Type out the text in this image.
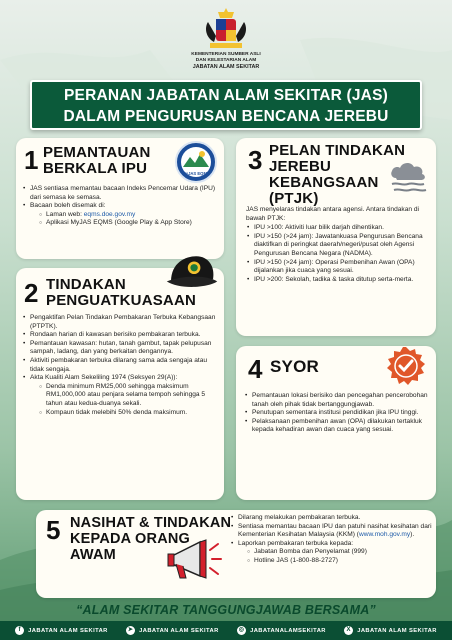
KEMENTERIAN SUMBER ASLI
DAN KELESTARIAN ALAM
JABATAN ALAM SEKITAR
PERANAN JABATAN ALAM SEKITAR (JAS)
DALAM PENGURUSAN BENCANA JEREBU
1 PEMANTAUAN
BERKALA IPU	MyJAS EQMS
• JAS sentiasa memantau bacaan Indeks Pencemar Udara (IPU) dari semasa ke semasa.
• Bacaan boleh disemak di:
○ Laman web: eqms.doe.gov.my
○ Aplikasi MyJAS EQMS (Google Play & App Store)
3 PELAN TINDAKAN
JEREBU
KEBANGSAAN
(PTJK)
JAS menyelaras tindakan antara agensi. Antara tindakan di bawah PTJK:
• IPU >100: Aktiviti luar bilik darjah dihentikan.
• IPU >150 (>24 jam): Jawatankuasa Pengurusan Bencana diaktifkan di peringkat daerah/negeri/pusat oleh Agensi Pengurusan Bencana Negara (NADMA).
• IPU >150 (>24 jam): Operasi Pembenihan Awan (OPA) dijalankan jika cuaca yang sesuai.
• IPU >200: Sekolah, tadika & taska ditutup serta-merta.
2 TINDAKAN
PENGUATKUASAAN
• Pengaktifan Pelan Tindakan Pembakaran Terbuka Kebangsaan (PTPTK).
• Rondaan harian di kawasan berisiko pembakaran terbuka.
• Pemantauan kawasan: hutan, tanah gambut, tapak pelupusan sampah, ladang, dan yang berkaitan dengannya.
• Aktiviti pembakaran terbuka dilarang sama ada sengaja atau tidak sengaja.
• Akta Kualiti Alam Sekeliling 1974 (Seksyen 29(A)):
○ Denda minimum RM25,000 sehingga maksimum RM1,000,000 atau penjara selama tempoh sehingga 5 tahun atau kedua-duanya sekali.
○ Kompaun tidak melebihi 50% denda maksimum.
4 SYOR
• Pemantauan lokasi berisiko dan pencegahan pencerobohan tanah oleh pihak tidak bertanggungjawab.
• Penutupan sementara institusi pendidikan jika IPU tinggi.
• Pelaksanaan pembenihan awan (OPA) dilakukan tertakluk kepada kehadiran awan dan cuaca yang sesuai.
5 NASIHAT & TINDAKAN
KEPADA ORANG
AWAM
• Dilarang melakukan pembakaran terbuka.
• Sentiasa memantau bacaan IPU dan patuhi nasihat kesihatan dari Kementerian Kesihatan Malaysia (KKM) (www.moh.gov.my).
• Laporkan pembakaran terbuka kepada:
○ Jabatan Bomba dan Penyelamat (999)
○ Hotline JAS (1-800-88-2727)
“ALAM SEKITAR TANGGUNGJAWAB BERSAMA”
f	JABATAN ALAM SEKITAR	➤ JABATAN ALAM SEKITAR	◎ JABATANALAMSEKITAR	X	JABATAN ALAM SEKITAR
